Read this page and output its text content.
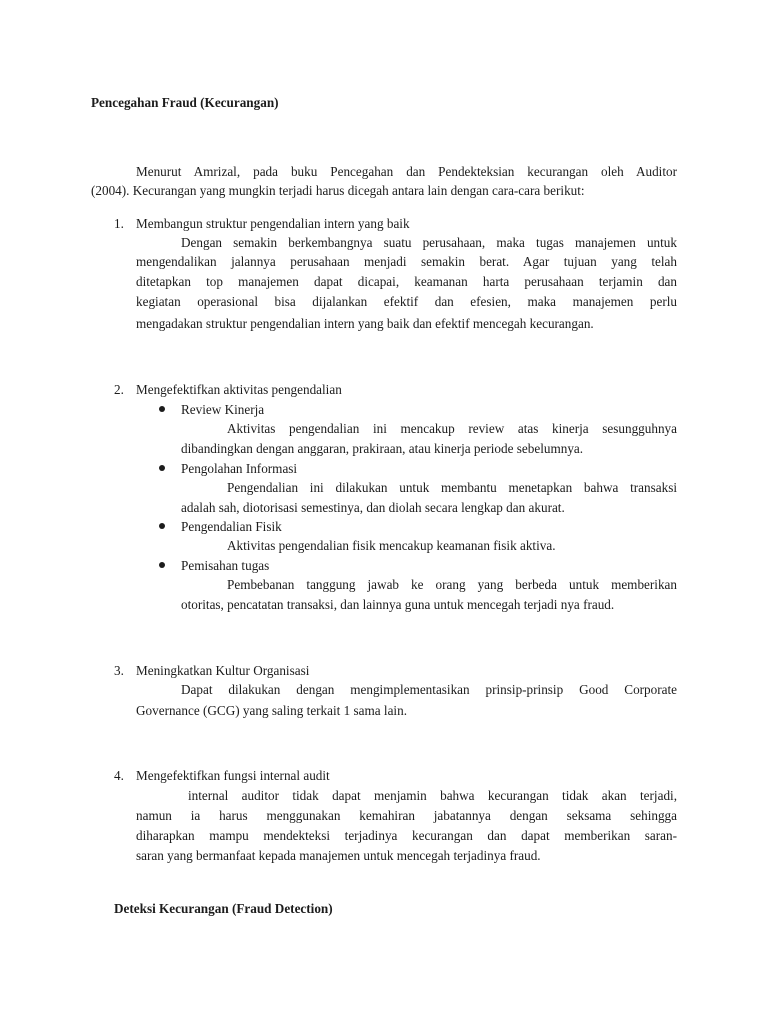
Pencegahan Fraud (Kecurangan)
Menurut Amrizal, pada buku Pencegahan dan Pendekteksian kecurangan oleh Auditor
(2004). Kecurangan yang mungkin terjadi harus dicegah antara lain dengan cara-cara berikut:
1. Membangun struktur pengendalian intern yang baik
Dengan semakin berkembangnya suatu perusahaan, maka tugas manajemen untuk
mengendalikan jalannya perusahaan menjadi semakin berat. Agar tujuan yang telah
ditetapkan top manajemen dapat dicapai, keamanan harta perusahaan terjamin dan
kegiatan operasional bisa dijalankan efektif dan efesien, maka manajemen perlu
mengadakan struktur pengendalian intern yang baik dan efektif mencegah kecurangan.
2. Mengefektifkan aktivitas pengendalian
Review Kinerja
Aktivitas pengendalian ini mencakup review atas kinerja sesungguhnya
dibandingkan dengan anggaran, prakiraan, atau kinerja periode sebelumnya.
Pengolahan Informasi
Pengendalian ini dilakukan untuk membantu menetapkan bahwa transaksi
adalah sah, diotorisasi semestinya, dan diolah secara lengkap dan akurat.
Pengendalian Fisik
Aktivitas pengendalian fisik mencakup keamanan fisik aktiva.
Pemisahan tugas
Pembebanan tanggung jawab ke orang yang berbeda untuk memberikan
otoritas, pencatatan transaksi, dan lainnya guna untuk mencegah terjadi nya fraud.
3. Meningkatkan Kultur Organisasi
Dapat dilakukan dengan mengimplementasikan prinsip-prinsip Good Corporate
Governance (GCG) yang saling terkait 1 sama lain.
4. Mengefektifkan fungsi internal audit
internal auditor tidak dapat menjamin bahwa kecurangan tidak akan terjadi,
namun ia harus menggunakan kemahiran jabatannya dengan seksama sehingga
diharapkan mampu mendekteksi terjadinya kecurangan dan dapat memberikan saran-
saran yang bermanfaat kepada manajemen untuk mencegah terjadinya fraud.
Deteksi Kecurangan (Fraud Detection)
